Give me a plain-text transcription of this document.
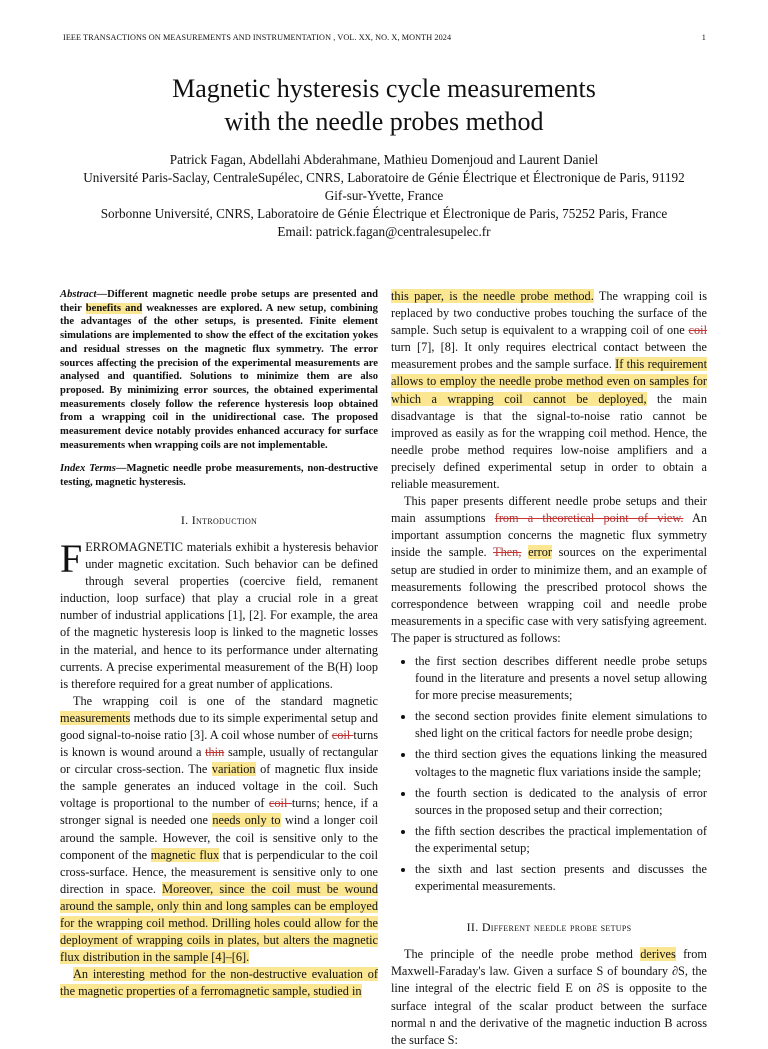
IEEE TRANSACTIONS ON MEASUREMENTS AND INSTRUMENTATION , VOL. XX, NO. X, MONTH 2024	1
Magnetic hysteresis cycle measurements
with the needle probes method
Patrick Fagan, Abdellahi Abderahmane, Mathieu Domenjoud and Laurent Daniel
Université Paris-Saclay, CentraleSupélec, CNRS, Laboratoire de Génie Électrique et Électronique de Paris, 91192
Gif-sur-Yvette, France
Sorbonne Université, CNRS, Laboratoire de Génie Électrique et Électronique de Paris, 75252 Paris, France
Email: patrick.fagan@centralesupelec.fr
Abstract—Different magnetic needle probe setups are presented and their benefits and weaknesses are explored. A new setup, combining the advantages of the other setups, is presented. Finite element simulations are implemented to show the effect of the excitation yokes and residual stresses on the magnetic flux symmetry. The error sources affecting the precision of the experimental measurements are analysed and quantified. Solutions to minimize them are also proposed. By minimizing error sources, the obtained experimental measurements closely follow the reference hysteresis loop obtained from a wrapping coil in the unidirectional case. The proposed measurement device notably provides enhanced accuracy for surface measurements when wrapping coils are not implementable.
Index Terms—Magnetic needle probe measurements, non-destructive testing, magnetic hysteresis.
I. Introduction

FERROMAGNETIC materials exhibit a hysteresis behavior under magnetic excitation. Such behavior can be defined through several properties (coercive field, remanent induction, loop surface) that play a crucial role in a great number of industrial applications [1], [2]. For example, the area of the magnetic hysteresis loop is linked to the magnetic losses in the material, and hence to its performance under alternating currents. A precise experimental measurement of the B(H) loop is therefore required for a great number of applications.

The wrapping coil is one of the standard magnetic measurements methods due to its simple experimental setup and good signal-to-noise ratio [3]. A coil whose number of coil turns is known is wound around a thin sample, usually of rectangular or circular cross-section. The variation of magnetic flux inside the sample generates an induced voltage in the coil. Such voltage is proportional to the number of coil turns; hence, if a stronger signal is needed one needs only to wind a longer coil around the sample. However, the coil is sensitive only to the component of the magnetic flux that is perpendicular to the coil cross-surface. Hence, the measurement is sensitive only to one direction in space. Moreover, since the coil must be wound around the sample, only thin and long samples can be employed for the wrapping coil method. Drilling holes could allow for the deployment of wrapping coils in plates, but alters the magnetic flux distribution in the sample [4]–[6].

An interesting method for the non-destructive evaluation of the magnetic properties of a ferromagnetic sample, studied in

this paper, is the needle probe method. The wrapping coil is replaced by two conductive probes touching the surface of the sample. Such setup is equivalent to a wrapping coil of one coil turn [7], [8]. It only requires electrical contact between the measurement probes and the sample surface. If this requirement allows to employ the needle probe method even on samples for which a wrapping coil cannot be deployed, the main disadvantage is that the signal-to-noise ratio cannot be improved as easily as for the wrapping coil method. Hence, the needle probe method requires low-noise amplifiers and a precisely defined experimental setup in order to obtain a reliable measurement.

This paper presents different needle probe setups and their main assumptions from a theoretical point of view. An important assumption concerns the magnetic flux symmetry inside the sample. Then, error sources on the experimental setup are studied in order to minimize them, and an example of measurements following the prescribed protocol shows the correspondence between wrapping coil and needle probe measurements in a specific case with very satisfying agreement. The paper is structured as follows:

• the first section describes different needle probe setups found in the literature and presents a novel setup allowing for more precise measurements;
• the second section provides finite element simulations to shed light on the critical factors for needle probe design;
• the third section gives the equations linking the measured voltages to the magnetic flux variations inside the sample;
• the fourth section is dedicated to the analysis of error sources in the proposed setup and their correction;
• the fifth section describes the practical implementation of the experimental setup;
• the sixth and last section presents and discusses the experimental measurements.
II. Different needle probe setups

The principle of the needle probe method derives from Maxwell-Faraday's law. Given a surface S of boundary ∂S, the line integral of the electric field E on ∂S is opposite to the surface integral of the scalar product between the surface normal n and the derivative of the magnetic induction B across the surface S:
